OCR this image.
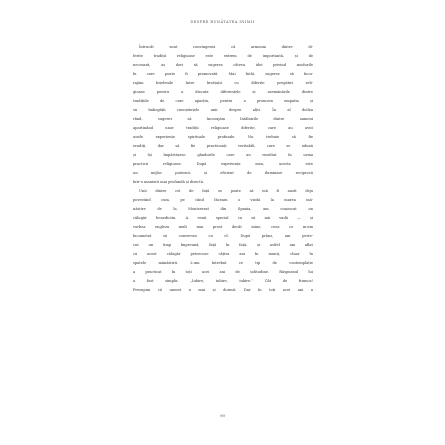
DESPRE BUNĂTATEA INIMII
Întrucât sunt convingerea că armonia dintre di-
ferite tradiții religioase este extrem de importantă, și de
necesară, aș dori să sugerez câteva idei privind modurile
în care poate fi promovată. Mai întâi, sugerez să încu-
rajăm înțelenile între învățații cu diferite pregătiri reli-
gioase pentru a discuta diferențele și asemănările dintre
tradițiile de care aparțin, pentru a promova empatia și
să îmbogății cunoștințele unii despre alții. În al doilea
rând, sugerez să încurajăm întâlnirile dintre oameni
aparținând unor tradiții religioase diferite, care au avut
unele experiențe spirituale profunde. Nu trebuie să fie
erudiți, dar să fie practicanți veritabili, care se adună
și își împărtășesc gândurile care au rezultat în urma
practicii religioase. După experiența mea, acesta este
un mijloc puternic și eficient de iluminare reciprocă
într-o manieră mai profundă și directă.
Unii dintre cei de față se poate să mă fi auzit deja
povestind cum, pe când făceam o vizită la marea mă-
năstire de la Montserrat din Spania, am cunoscut un
călugăr benedictin. A venit special ca să mă vadă — și
vorbea engleza mult mai prost decât mine, ceea ce m-am
încumetat să conversez cu el. După prânz, am petre-
cut un timp împreună, față în față, și astfel am aflat
că acest călugăr petrecuse câțiva ani în munți, chiar în
spatele mănăstirii. L-am întrebat ce tip de contemplație
a practicat în toți acei ani de solitudine. Răspunsul lui
a fost simplu: „Iubire, iubire, iubire.” Cât de frumos!
Presupun că uneori a mai și dormit. Dar în toți acei ani a
90
